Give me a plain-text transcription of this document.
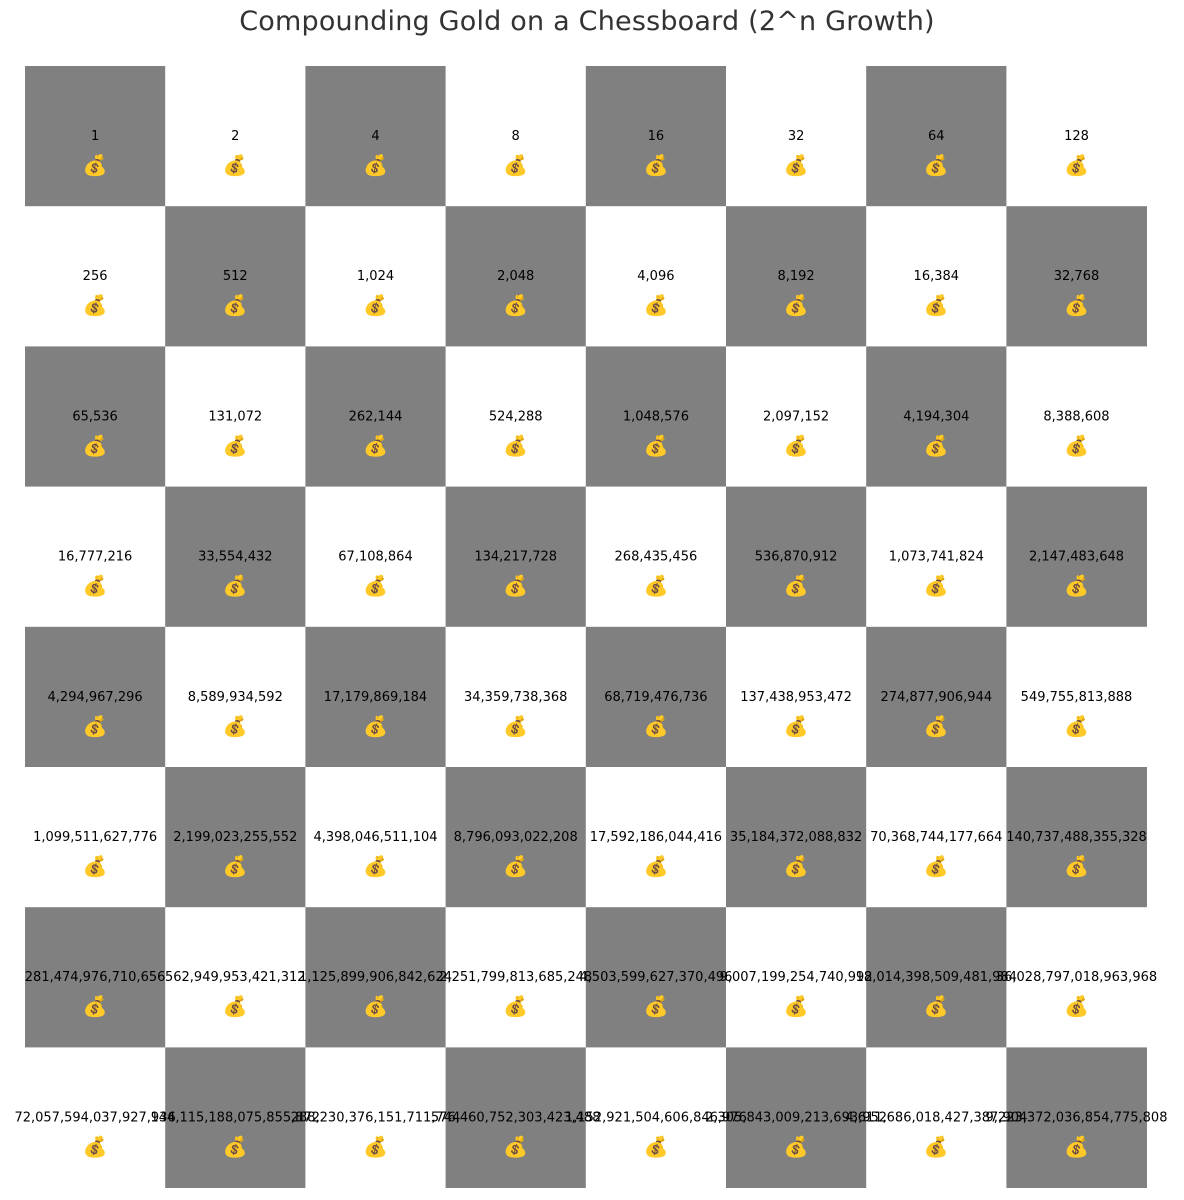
Compounding Gold on a Chessboard (2^n Growth)
1
💰
2
💰
4
💰
8
💰
16
💰
32
💰
64
💰
128
💰
256
💰
512
💰
1,024
💰
2,048
💰
4,096
💰
8,192
💰
16,384
💰
32,768
💰
65,536
💰
131,072
💰
262,144
💰
524,288
💰
1,048,576
💰
2,097,152
💰
4,194,304
💰
8,388,608
💰
16,777,216
💰
33,554,432
💰
67,108,864
💰
134,217,728
💰
268,435,456
💰
536,870,912
💰
1,073,741,824
💰
2,147,483,648
💰
4,294,967,296
💰
8,589,934,592
💰
17,179,869,184
💰
34,359,738,368
💰
68,719,476,736
💰
137,438,953,472
💰
274,877,906,944
💰
549,755,813,888
💰
1,099,511,627,776
💰
2,199,023,255,552
💰
4,398,046,511,104
💰
8,796,093,022,208
💰
17,592,186,044,416
💰
35,184,372,088,832
💰
70,368,744,177,664
💰
140,737,488,355,328
💰
281,474,976,710,656
💰
562,949,953,421,312
💰
1,125,899,906,842,624
💰
2,251,799,813,685,248
💰
4,503,599,627,370,496
💰
9,007,199,254,740,992
💰
18,014,398,509,481,984
💰
36,028,797,018,963,968
💰
72,057,594,037,927,936
💰
144,115,188,075,855,872
💰
288,230,376,151,711,744
💰
576,460,752,303,423,488
💰
1,152,921,504,606,846,976
💰
2,305,843,009,213,693,952
💰
4,611,686,018,427,387,904
💰
9,223,372,036,854,775,808
💰
